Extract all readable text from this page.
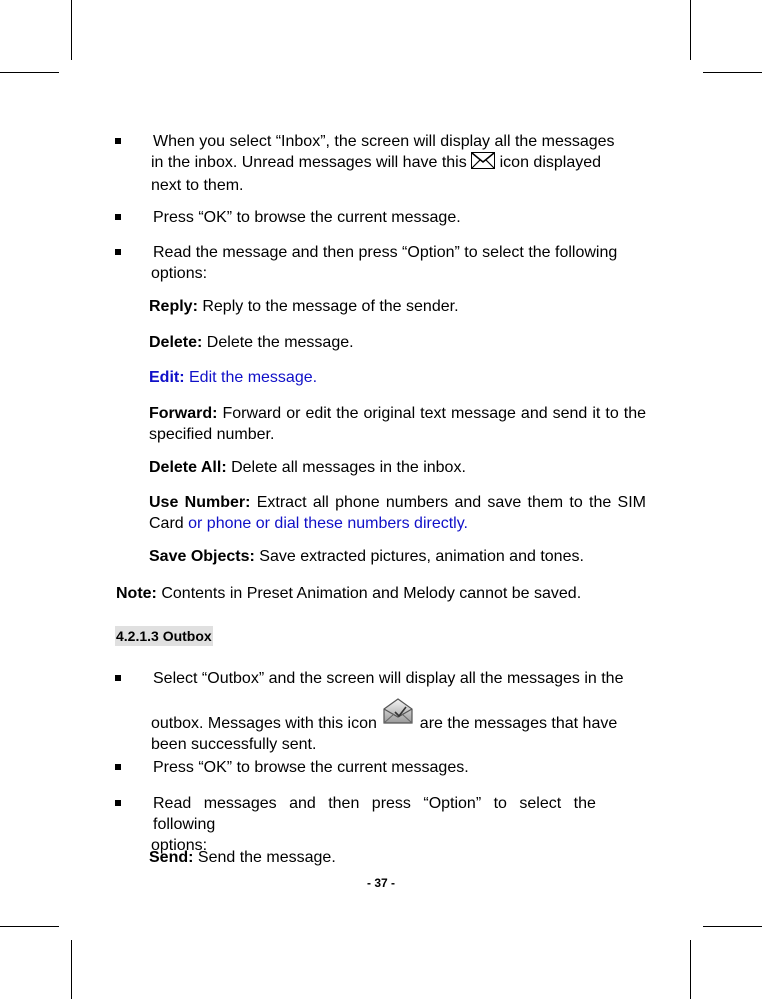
When you select “Inbox”, the screen will display all the messages
in the inbox. Unread messages will have this icon displayed
next to them.
Press “OK” to browse the current message.
Read the message and then press “Option” to select the following
options:
Reply: Reply to the message of the sender.
Delete: Delete the message.
Edit: Edit the message.
Forward: Forward or edit the original text message and send it to the specified number.
Delete All: Delete all messages in the inbox.
Use Number: Extract all phone numbers and save them to the SIM Card or phone or dial these numbers directly.
Save Objects: Save extracted pictures, animation and tones.
Note: Contents in Preset Animation and Melody cannot be saved.
4.2.1.3 Outbox
Select “Outbox” and the screen will display all the messages in the
outbox. Messages with this icon	are the messages that have
been successfully sent.
Press “OK” to browse the current messages.
Read messages and then press “Option” to select the following
options:
Send: Send the message.
- 37 -
